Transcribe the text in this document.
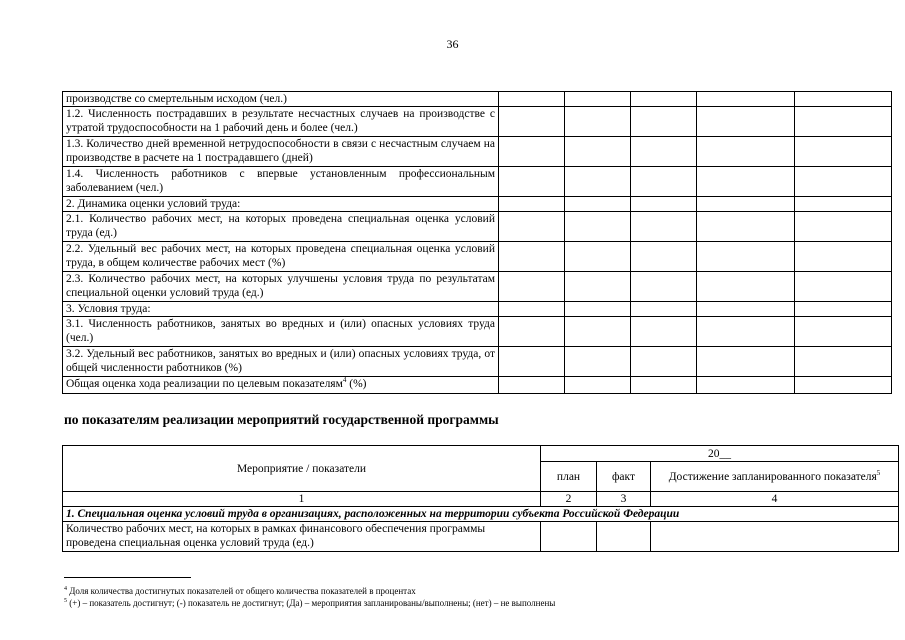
36
производстве со смертельным исходом (чел.)					
1.2. Численность пострадавших в результате несчастных случаев на производстве с утратой трудоспособности на 1 рабочий день и более (чел.)					
1.3. Количество дней временной нетрудоспособности в связи с несчастным случаем на производстве в расчете на 1 пострадавшего (дней)					
1.4. Численность работников с впервые установленным профессиональным заболеванием (чел.)					
2. Динамика оценки условий труда:					
2.1. Количество рабочих мест, на которых проведена специальная оценка условий труда (ед.)					
2.2. Удельный вес рабочих мест, на которых проведена специальная оценка условий труда, в общем количестве рабочих мест (%)					
2.3. Количество рабочих мест, на которых улучшены условия труда по результатам специальной оценки условий труда (ед.)					
3. Условия труда:					
3.1. Численность работников, занятых во вредных и (или) опасных условиях труда (чел.)					
3.2. Удельный вес работников, занятых во вредных и (или) опасных условиях труда, от общей численности работников (%)					
Общая оценка хода реализации по целевым показателям$^4$ (%)					
по показателям реализации мероприятий государственной программы
Мероприятие / показатели	20__		
	план	факт	Достижение запланированного показателя$^5$
1	2	3	4
1. Специальная оценка условий труда в организациях, расположенных на территории субъекта Российской Федерации			
Количество рабочих мест, на которых в рамках финансового обеспечения программы проведена специальная оценка условий труда (ед.)			
$^4$ Доля количества достигнутых показателей от общего количества показателей в процентах
$^5$ (+) – показатель достигнут; (-) показатель не достигнут; (Да) – мероприятия запланированы/выполнены; (нет) – не выполнены
